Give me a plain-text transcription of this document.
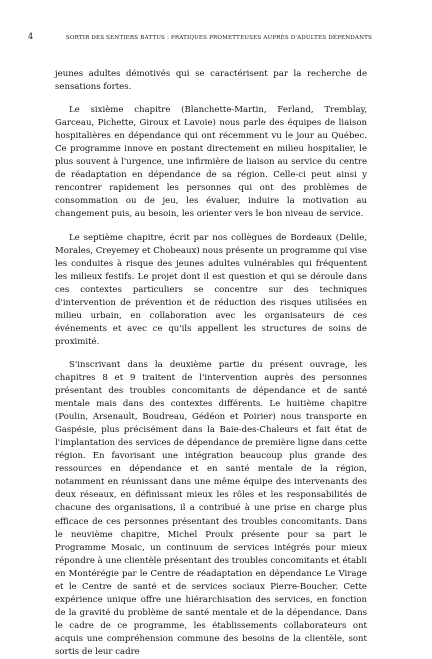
4	SORTIR DES SENTIERS BATTUS : PRATIQUES PROMETTEUSES AUPRÈS D'ADULTES DÉPENDANTS

jeunes adultes démotivés qui se caractérisent par la recherche de sensations fortes.

Le sixième chapitre (Blanchette-Martin, Ferland, Tremblay, Garceau, Pichette, Giroux et Lavoie) nous parle des équipes de liaison hospitalières en dépendance qui ont récemment vu le jour au Québec. Ce programme innove en postant directement en milieu hospitalier, le plus souvent à l'urgence, une infirmière de liaison au service du centre de réadaptation en dépendance de sa région. Celle-ci peut ainsi y rencontrer rapidement les personnes qui ont des problèmes de consommation ou de jeu, les évaluer, induire la motivation au changement puis, au besoin, les orienter vers le bon niveau de service.

Le septième chapitre, écrit par nos collègues de Bordeaux (Delile, Morales, Creyemey et Chobeaux) nous présente un programme qui vise les conduites à risque des jeunes adultes vulnérables qui fréquentent les milieux festifs. Le projet dont il est question et qui se déroule dans ces contextes particuliers se concentre sur des techniques d'intervention de prévention et de réduction des risques utilisées en milieu urbain, en collaboration avec les organisateurs de ces événements et avec ce qu'ils appellent les structures de soins de proximité.

S'inscrivant dans la deuxième partie du présent ouvrage, les chapitres 8 et 9 traitent de l'intervention auprès des personnes présentant des troubles concomitants de dépendance et de santé mentale mais dans des contextes différents. Le huitième chapitre (Poulin, Arsenault, Boudreau, Gédéon et Poirier) nous transporte en Gaspésie, plus précisément dans la Baie-des-Chaleurs et fait état de l'implantation des services de dépendance de première ligne dans cette région. En favorisant une intégration beaucoup plus grande des ressources en dépendance et en santé mentale de la région, notamment en réunissant dans une même équipe des intervenants des deux réseaux, en définissant mieux les rôles et les responsabilités de chacune des organisations, il a contribué à une prise en charge plus efficace de ces personnes présentant des troubles concomitants. Dans le neuvième chapitre, Michel Proulx présente pour sa part le Programme Mosaic, un continuum de services intégrés pour mieux répondre à une clientèle présentant des troubles concomitants et établi en Montérégie par le Centre de réadaptation en dépendance Le Virage et le Centre de santé et de services sociaux Pierre-Boucher. Cette expérience unique offre une hiérarchisation des services, en fonction de la gravité du problème de santé mentale et de la dépendance. Dans le cadre de ce programme, les établissements collaborateurs ont acquis une compréhension commune des besoins de la clientèle, sont sortis de leur cadre
